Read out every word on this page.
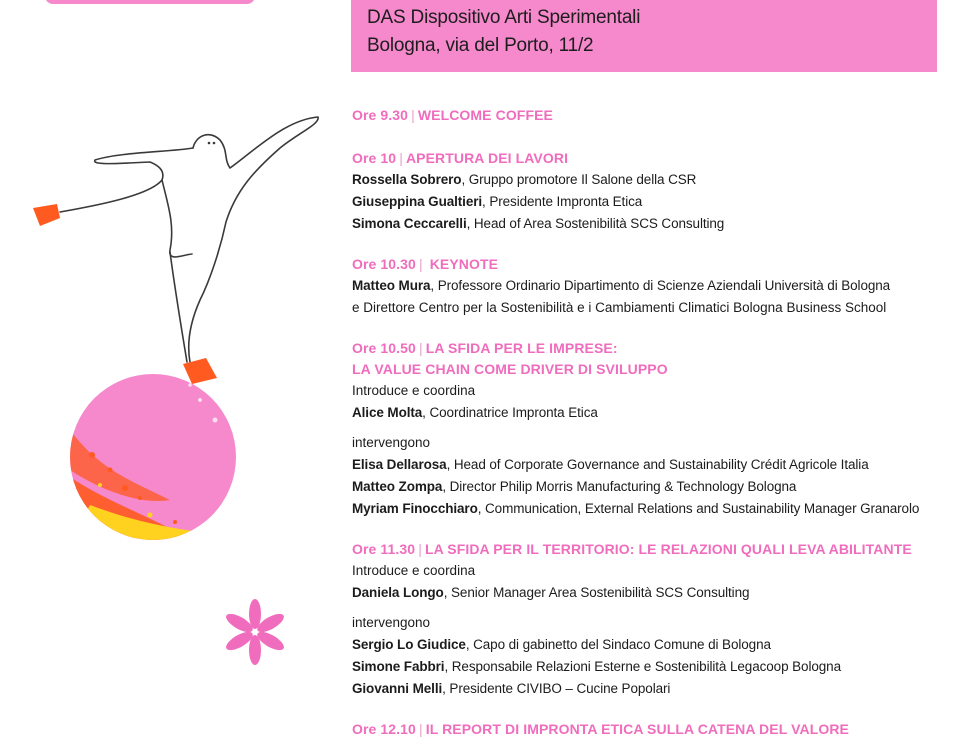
DAS Dispositivo Arti Sperimentali
Bologna, via del Porto, 11/2
Ore 9.30 | WELCOME COFFEE
Ore 10 | APERTURA DEI LAVORI
Rossella Sobrero, Gruppo promotore Il Salone della CSR
Giuseppina Gualtieri, Presidente Impronta Etica
Simona Ceccarelli, Head of Area Sostenibilità SCS Consulting
Ore 10.30 | KEYNOTE
Matteo Mura, Professore Ordinario Dipartimento di Scienze Aziendali Università di Bologna
e Direttore Centro per la Sostenibilità e i Cambiamenti Climatici Bologna Business School
Ore 10.50 | LA SFIDA PER LE IMPRESE:
LA VALUE CHAIN COME DRIVER DI SVILUPPO
Introduce e coordina
Alice Molta, Coordinatrice Impronta Etica
intervengono
Elisa Dellarosa, Head of Corporate Governance and Sustainability Crédit Agricole Italia
Matteo Zompa, Director Philip Morris Manufacturing & Technology Bologna
Myriam Finocchiaro, Communication, External Relations and Sustainability Manager Granarolo
Ore 11.30 | LA SFIDA PER IL TERRITORIO: LE RELAZIONI QUALI LEVA ABILITANTE
Introduce e coordina
Daniela Longo, Senior Manager Area Sostenibilità SCS Consulting
intervengono
Sergio Lo Giudice, Capo di gabinetto del Sindaco Comune di Bologna
Simone Fabbri, Responsabile Relazioni Esterne e Sostenibilità Legacoop Bologna
Giovanni Melli, Presidente CIVIBO – Cucine Popolari
Ore 12.10 | IL REPORT DI IMPRONTA ETICA SULLA CATENA DEL VALORE
